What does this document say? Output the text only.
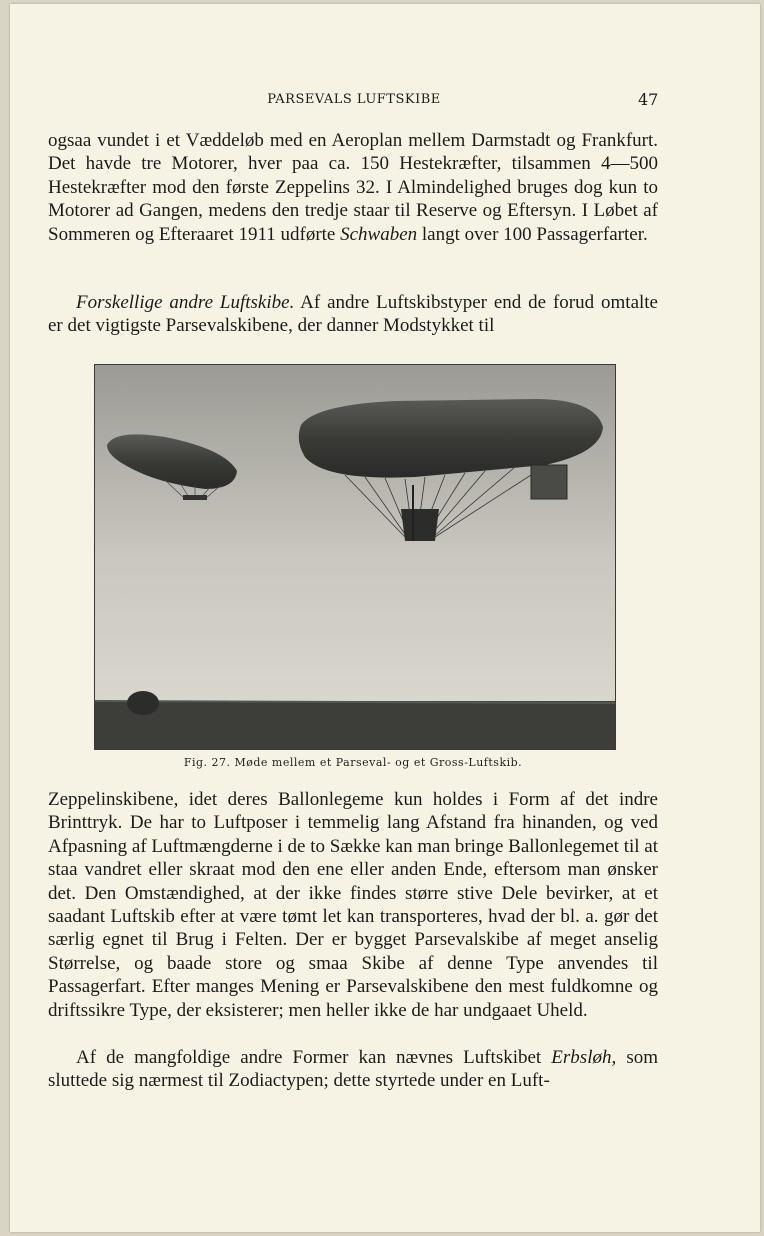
PARSEVALS LUFTSKIBE	47

ogsaa vundet i et Væddeløb med en Aeroplan mellem Darmstadt og Frankfurt. Det havde tre Motorer, hver paa ca. 150 Hestekræfter, tilsammen 4—500 Hestekræfter mod den første Zeppelins 32. I Almindelighed bruges dog kun to Motorer ad Gangen, medens den tredje staar til Reserve og Eftersyn. I Løbet af Sommeren og Efteraaret 1911 udførte Schwaben langt over 100 Passagerfarter.

Forskellige andre Luftskibe. Af andre Luftskibstyper end de forud omtalte er det vigtigste Parsevalskibene, der danner Modstykket til

Fig. 27. Møde mellem et Parseval- og et Gross-Luftskib.
Zeppelinskibene, idet deres Ballonlegeme kun holdes i Form af det indre Brinttryk. De har to Luftposer i temmelig lang Afstand fra hinanden, og ved Afpasning af Luftmængderne i de to Sække kan man bringe Ballonlegemet til at staa vandret eller skraat mod den ene eller anden Ende, eftersom man ønsker det. Den Omstændighed, at der ikke findes større stive Dele bevirker, at et saadant Luftskib efter at være tømt let kan transporteres, hvad der bl. a. gør det særlig egnet til Brug i Felten. Der er bygget Parsevalskibe af meget anselig Størrelse, og baade store og smaa Skibe af denne Type anvendes til Passagerfart. Efter manges Mening er Parsevalskibene den mest fuldkomne og driftssikre Type, der eksisterer; men heller ikke de har undgaaet Uheld.

Af de mangfoldige andre Former kan nævnes Luftskibet Erbsløh, som sluttede sig nærmest til Zodiactypen; dette styrtede under en Luft-
